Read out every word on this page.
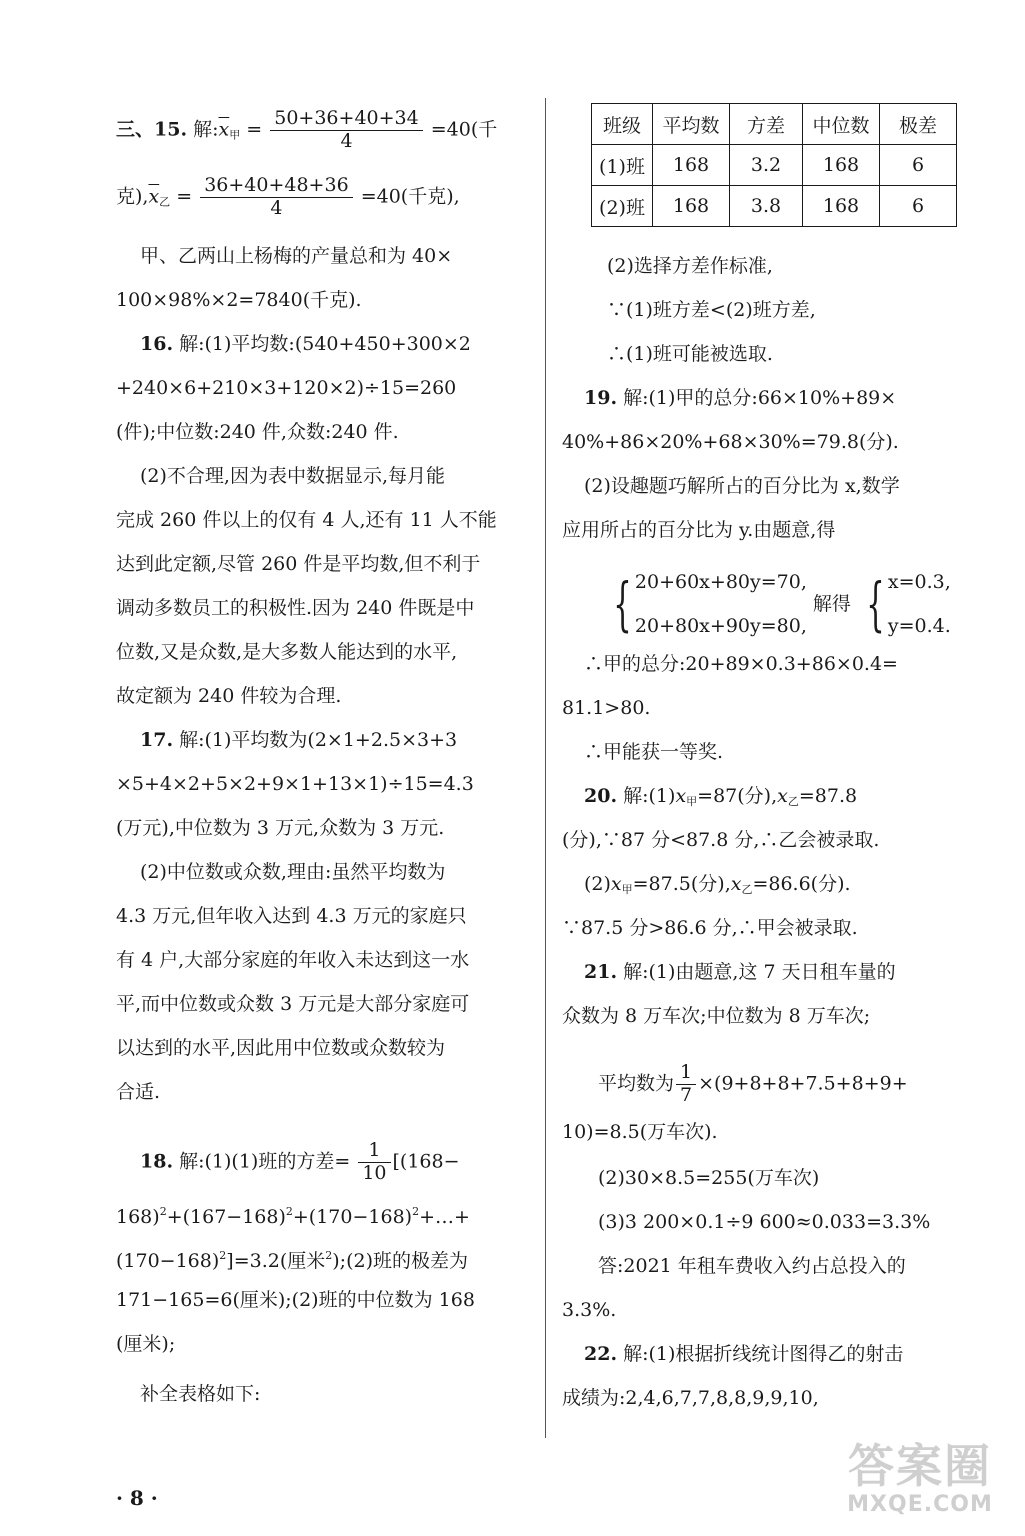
三、15. 解$:\overline{x}_甲 = \frac{50+36+40+34}{4} =40$(千
克)$,\overline{x}_乙 = \frac{36+40+48+36}{4} =40$(千克),
甲、乙两山上杨梅的产量总和为 40×
100×98%×2=7840(千克).
16. 解:(1)平均数:(540+450+300×2
+240×6+210×3+120×2)÷15=260
(件);中位数:240 件,众数:240 件.
(2)不合理,因为表中数据显示,每月能
完成 260 件以上的仅有 4 人,还有 11 人不能
达到此定额,尽管 260 件是平均数,但不利于
调动多数员工的积极性.因为 240 件既是中
位数,又是众数,是大多数人能达到的水平,
故定额为 240 件较为合理.
17. 解:(1)平均数为(2×1+2.5×3+3
×5+4×2+5×2+9×1+13×1)÷15=4.3
(万元),中位数为 3 万元,众数为 3 万元.
(2)中位数或众数,理由:虽然平均数为
4.3 万元,但年收入达到 4.3 万元的家庭只
有 4 户,大部分家庭的年收入未达到这一水
平,而中位数或众数 3 万元是大部分家庭可
以达到的水平,因此用中位数或众数较为
合适.
18. 解:(1)(1)班的方差= $\frac{1}{10} [(168-$
$168)^2+(167-168)^2+(170-168)^2+\dots+$
$(170-168)^2]=3.2$(厘米$^2$);(2)班的极差为
171−165=6(厘米);(2)班的中位数为 168
(厘米);
补全表格如下:
班级	平均数	方差	中位数	极差
(1)班	168	3.2	168	6
(2)班	168	3.8	168	6
(2)选择方差作标准,
∵(1)班方差<(2)班方差,
∴(1)班可能被选取.
19. 解:(1)甲的总分:66×10%+89×
40%+86×20%+68×30%=79.8(分).
(2)设趣题巧解所占的百分比为 x,数学
应用所占的百分比为 y.由题意,得
{ 20+60x+80y=70,
20+80x+90y=80, 解得 { x=0.3,
y=0.4.
∴甲的总分:20+89×0.3+86×0.4=
81.1>80.
∴甲能获一等奖.
20. 解$:(1)x_甲=87$(分)$,x_乙=87.8$
(分),∵87 分<87.8 分,∴乙会被录取.
$(2)x_甲=87.5$(分)$,x_乙=86.6$(分).
∵87.5 分>86.6 分,∴甲会被录取.
21. 解:(1)由题意,这 7 天日租车量的
众数为 8 万车次;中位数为 8 万车次;
平均数为 $\frac{1}{7} \times(9+8+8+7.5+8+9+$
10)=8.5(万车次).
(2)30×8.5=255(万车次)
(3)3 200×0.1÷9 600≈0.033=3.3%
答:2021 年租车费收入约占总投入的
3.3%.
22. 解:(1)根据折线统计图得乙的射击
成绩为:2,4,6,7,7,8,8,9,9,10,
· 8 ·
答案圈
MXQE.COM
